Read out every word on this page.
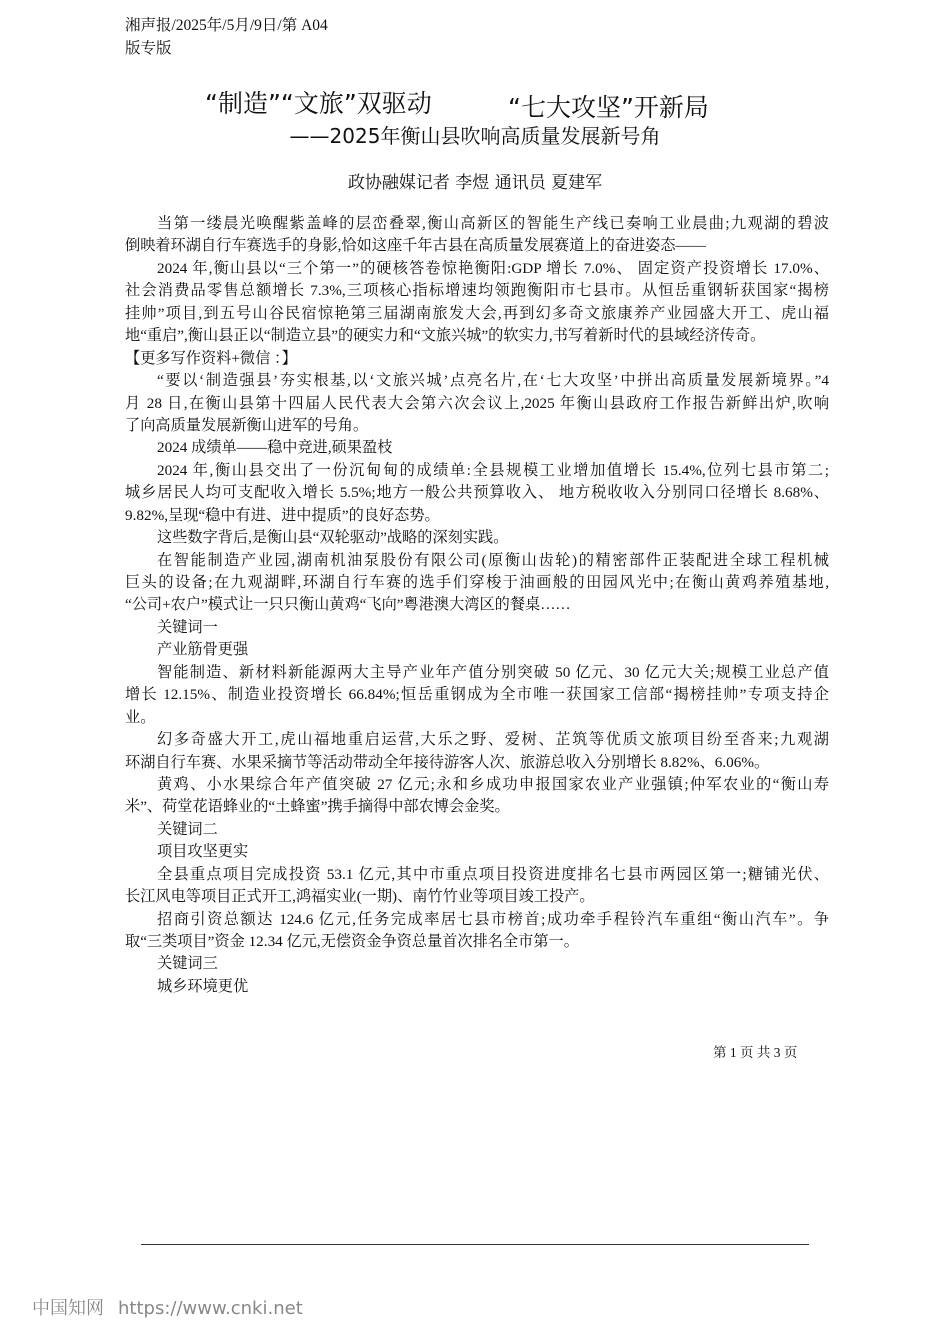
湘声报/2025年/5月/9日/第 A04
版专版
“制造”“文旅”双驱动	“七大攻坚”开新局
——2025年衡山县吹响高质量发展新号角
政协融媒记者 李煜 通讯员 夏建军
当第一缕晨光唤醒紫盖峰的层峦叠翠,衡山高新区的智能生产线已奏响工业晨曲;九观湖的碧波
倒映着环湖自行车赛选手的身影,恰如这座千年古县在高质量发展赛道上的奋进姿态——
2024 年,衡山县以“三个第一”的硬核答卷惊艳衡阳:GDP 增长 7.0%、 固定资产投资增长 17.0%、
社会消费品零售总额增长 7.3%,三项核心指标增速均领跑衡阳市七县市。从恒岳重钢斩获国家“揭榜
挂帅”项目,到五号山谷民宿惊艳第三届湖南旅发大会,再到幻多奇文旅康养产业园盛大开工、虎山福
地“重启”,衡山县正以“制造立县”的硬实力和“文旅兴城”的软实力,书写着新时代的县域经济传奇。
【更多写作资料+微信 ：】
“要以‘制造强县’夯实根基,以‘文旅兴城’点亮名片,在‘七大攻坚’中拼出高质量发展新境界。”4
月 28 日,在衡山县第十四届人民代表大会第六次会议上,2025 年衡山县政府工作报告新鲜出炉,吹响
了向高质量发展新衡山进军的号角。
2024 成绩单——稳中竞进,硕果盈枝
2024 年,衡山县交出了一份沉甸甸的成绩单:全县规模工业增加值增长 15.4%,位列七县市第二;
城乡居民人均可支配收入增长 5.5%;地方一般公共预算收入、 地方税收收入分别同口径增长 8.68%、
9.82%,呈现“稳中有进、进中提质”的良好态势。
这些数字背后,是衡山县“双轮驱动”战略的深刻实践。
在智能制造产业园,湖南机油泵股份有限公司(原衡山齿轮)的精密部件正装配进全球工程机械
巨头的设备;在九观湖畔,环湖自行车赛的选手们穿梭于油画般的田园风光中;在衡山黄鸡养殖基地,
“公司+农户”模式让一只只衡山黄鸡“飞向”粤港澳大湾区的餐桌……
关键词一
产业筋骨更强
智能制造、新材料新能源两大主导产业年产值分别突破 50 亿元、30 亿元大关;规模工业总产值
增长 12.15%、制造业投资增长 66.84%;恒岳重钢成为全市唯一获国家工信部“揭榜挂帅”专项支持企
业。
幻多奇盛大开工,虎山福地重启运营,大乐之野、爱树、芷筑等优质文旅项目纷至沓来;九观湖
环湖自行车赛、水果采摘节等活动带动全年接待游客人次、旅游总收入分别增长 8.82%、6.06%。
黄鸡、小水果综合年产值突破 27 亿元;永和乡成功申报国家农业产业强镇;仲军农业的“衡山寿
米”、荷堂花语蜂业的“土蜂蜜”携手摘得中部农博会金奖。
关键词二
项目攻坚更实
全县重点项目完成投资 53.1 亿元,其中市重点项目投资进度排名七县市两园区第一;糖铺光伏、
长江风电等项目正式开工,鸿福实业(一期)、南竹竹业等项目竣工投产。
招商引资总额达 124.6 亿元,任务完成率居七县市榜首;成功牵手程铃汽车重组“衡山汽车”。争
取“三类项目”资金 12.34 亿元,无偿资金争资总量首次排名全市第一。
关键词三
城乡环境更优
第 1 页 共 3 页
中国知网 https://www.cnki.net
